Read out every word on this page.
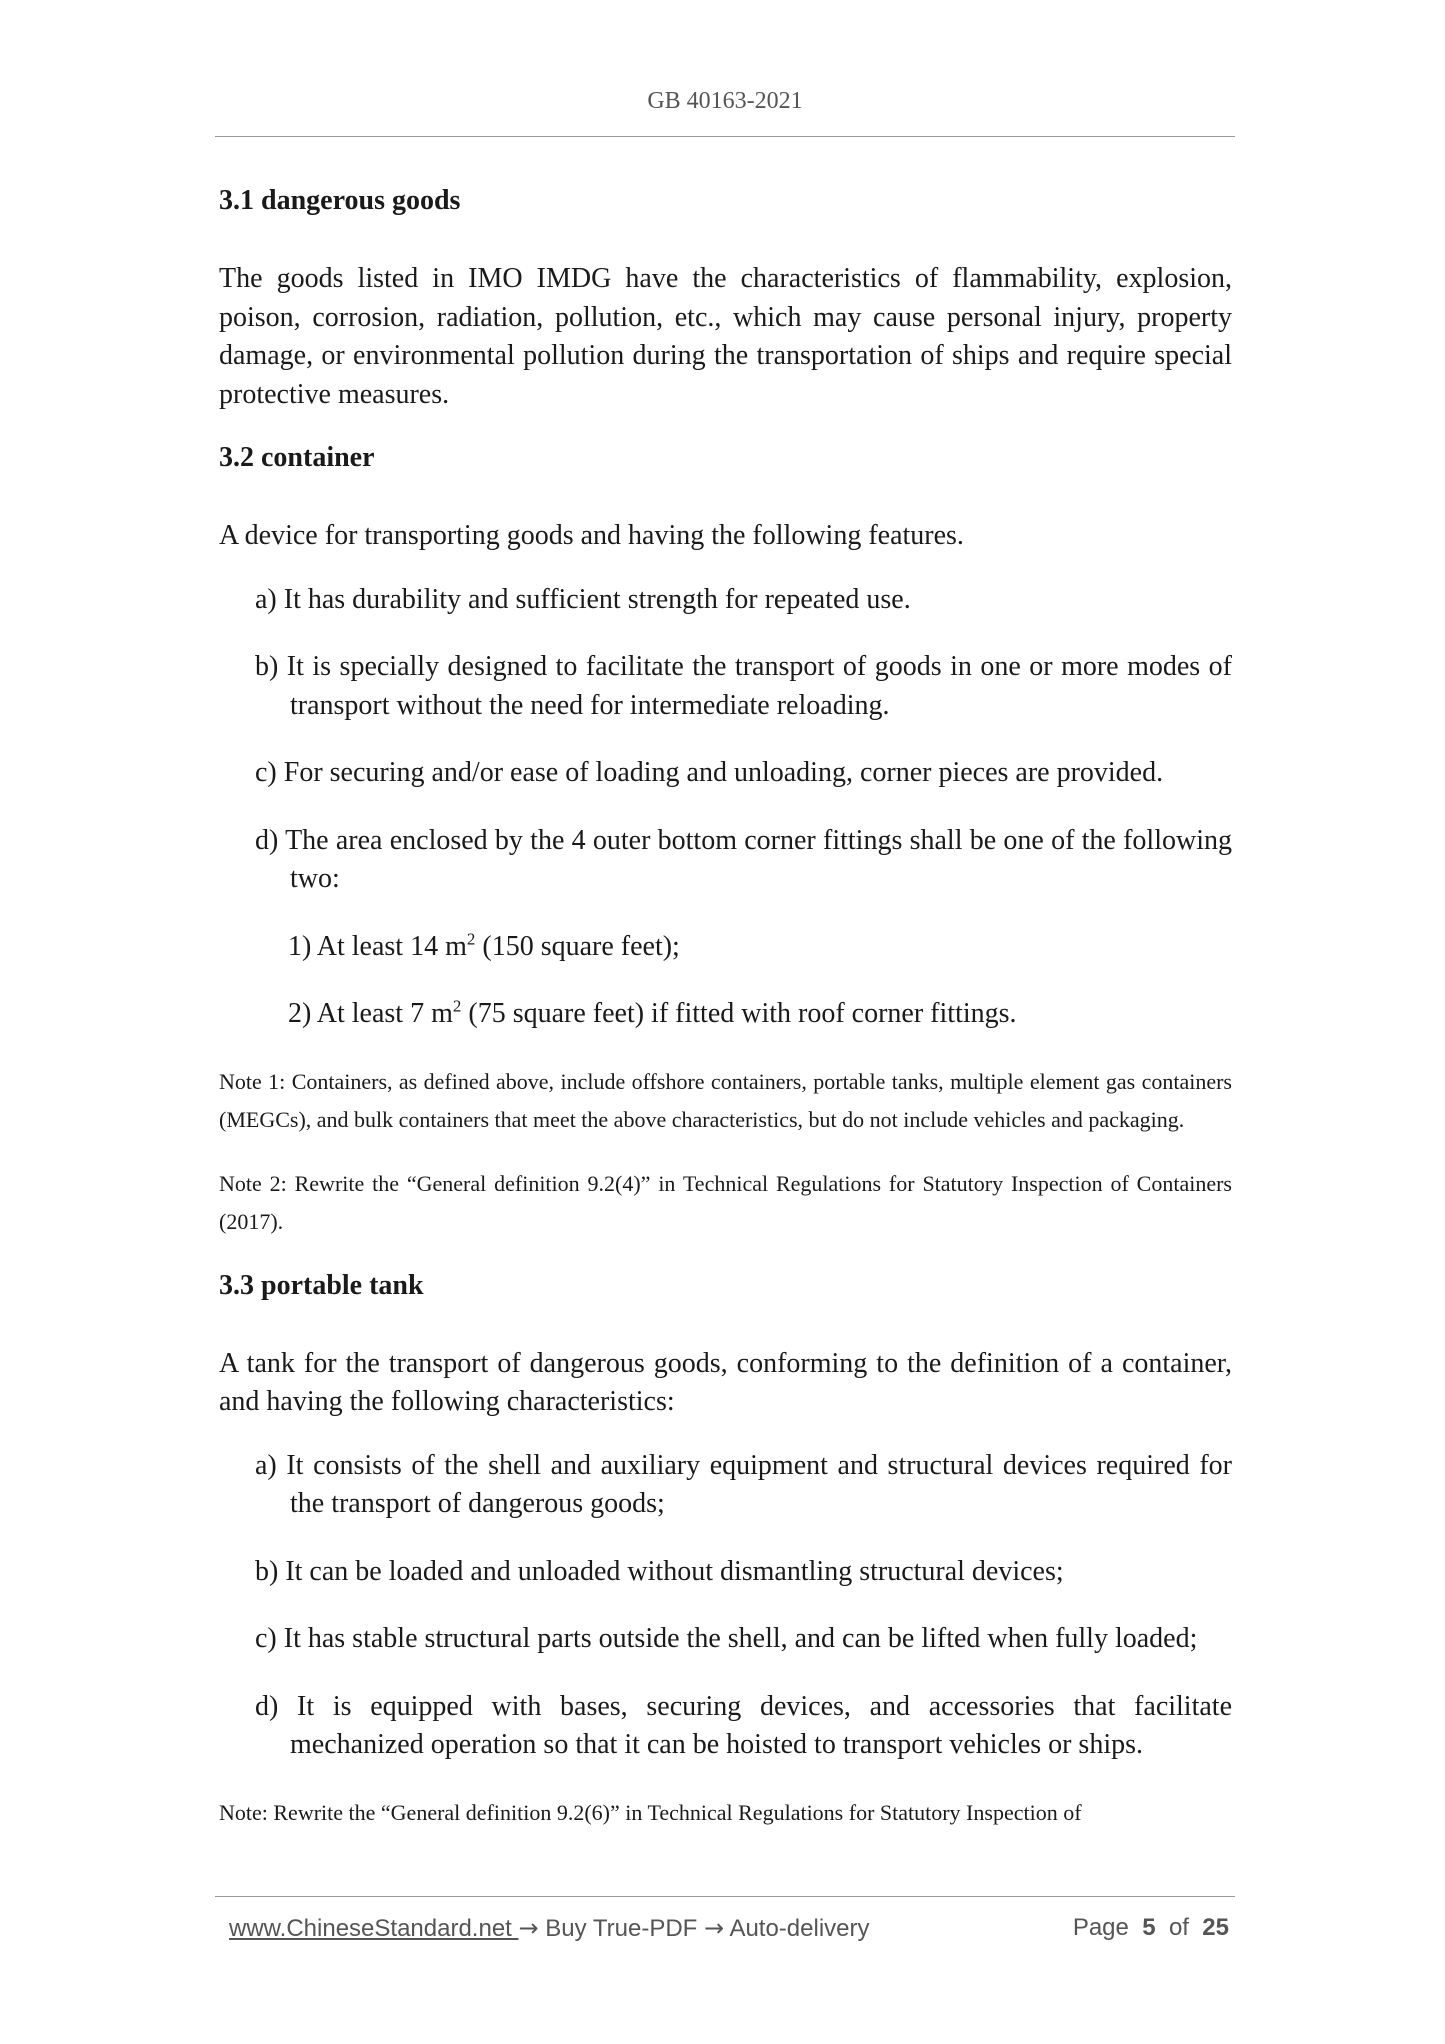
GB 40163-2021
3.1 dangerous goods
The goods listed in IMO IMDG have the characteristics of flammability, explosion, poison, corrosion, radiation, pollution, etc., which may cause personal injury, property damage, or environmental pollution during the transportation of ships and require special protective measures.
3.2 container
A device for transporting goods and having the following features.
a) It has durability and sufficient strength for repeated use.
b) It is specially designed to facilitate the transport of goods in one or more modes of transport without the need for intermediate reloading.
c) For securing and/or ease of loading and unloading, corner pieces are provided.
d) The area enclosed by the 4 outer bottom corner fittings shall be one of the following two:
1) At least 14 $m^2$ (150 square feet);
2) At least 7 $m^2$ (75 square feet) if fitted with roof corner fittings.
Note 1: Containers, as defined above, include offshore containers, portable tanks, multiple element gas containers (MEGCs), and bulk containers that meet the above characteristics, but do not include vehicles and packaging.
Note 2: Rewrite the “General definition 9.2(4)” in Technical Regulations for Statutory Inspection of Containers (2017).
3.3 portable tank
A tank for the transport of dangerous goods, conforming to the definition of a container, and having the following characteristics:
a) It consists of the shell and auxiliary equipment and structural devices required for the transport of dangerous goods;
b) It can be loaded and unloaded without dismantling structural devices;
c) It has stable structural parts outside the shell, and can be lifted when fully loaded;
d) It is equipped with bases, securing devices, and accessories that facilitate mechanized operation so that it can be hoisted to transport vehicles or ships.
Note: Rewrite the “General definition 9.2(6)” in Technical Regulations for Statutory Inspection of
www.ChineseStandard.net → Buy True-PDF → Auto-delivery	Page 5 of 25
